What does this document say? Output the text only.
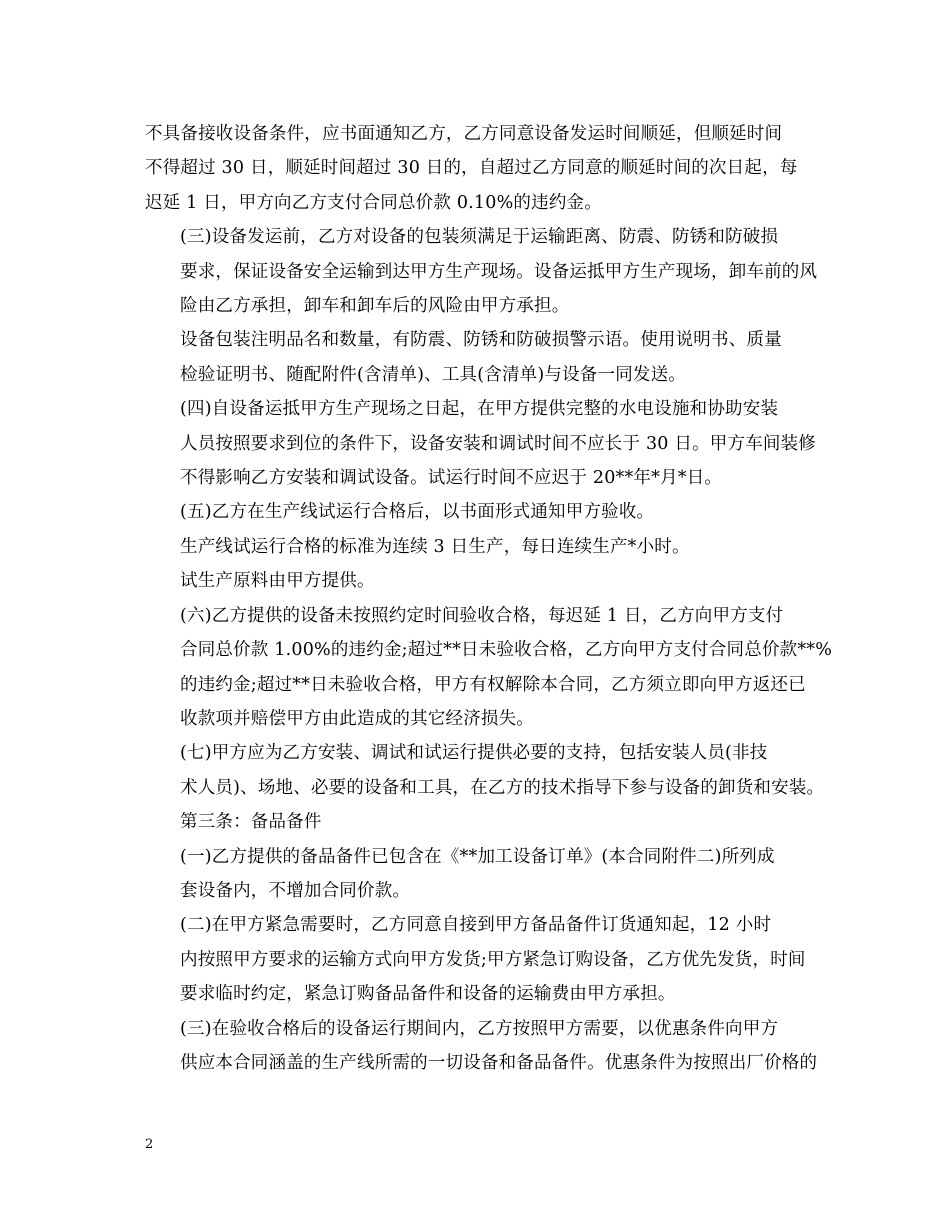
不具备接收设备条件，应书面通知乙方，乙方同意设备发运时间顺延，但顺延时间
不得超过 30 日，顺延时间超过 30 日的，自超过乙方同意的顺延时间的次日起，每
迟延 1 日，甲方向乙方支付合同总价款 0.10%的违约金。

(三)设备发运前，乙方对设备的包装须满足于运输距离、防震、防锈和防破损
要求，保证设备安全运输到达甲方生产现场。设备运抵甲方生产现场，卸车前的风
险由乙方承担，卸车和卸车后的风险由甲方承担。

设备包装注明品名和数量，有防震、防锈和防破损警示语。使用说明书、质量
检验证明书、随配附件(含清单)、工具(含清单)与设备一同发送。

(四)自设备运抵甲方生产现场之日起，在甲方提供完整的水电设施和协助安装
人员按照要求到位的条件下，设备安装和调试时间不应长于 30 日。甲方车间装修
不得影响乙方安装和调试设备。试运行时间不应迟于 20**年*月*日。

(五)乙方在生产线试运行合格后，以书面形式通知甲方验收。

生产线试运行合格的标准为连续 3 日生产，每日连续生产*小时。

试生产原料由甲方提供。

(六)乙方提供的设备未按照约定时间验收合格，每迟延 1 日，乙方向甲方支付
合同总价款 1.00%的违约金;超过**日未验收合格，乙方向甲方支付合同总价款**%
的违约金;超过**日未验收合格，甲方有权解除本合同，乙方须立即向甲方返还已
收款项并赔偿甲方由此造成的其它经济损失。

(七)甲方应为乙方安装、调试和试运行提供必要的支持，包括安装人员(非技
术人员)、场地、必要的设备和工具，在乙方的技术指导下参与设备的卸货和安装。

第三条：备品备件

(一)乙方提供的备品备件已包含在《**加工设备订单》(本合同附件二)所列成
套设备内，不增加合同价款。

(二)在甲方紧急需要时，乙方同意自接到甲方备品备件订货通知起，12 小时
内按照甲方要求的运输方式向甲方发货;甲方紧急订购设备，乙方优先发货，时间
要求临时约定，紧急订购备品备件和设备的运输费由甲方承担。

(三)在验收合格后的设备运行期间内，乙方按照甲方需要，以优惠条件向甲方
供应本合同涵盖的生产线所需的一切设备和备品备件。优惠条件为按照出厂价格的

2
